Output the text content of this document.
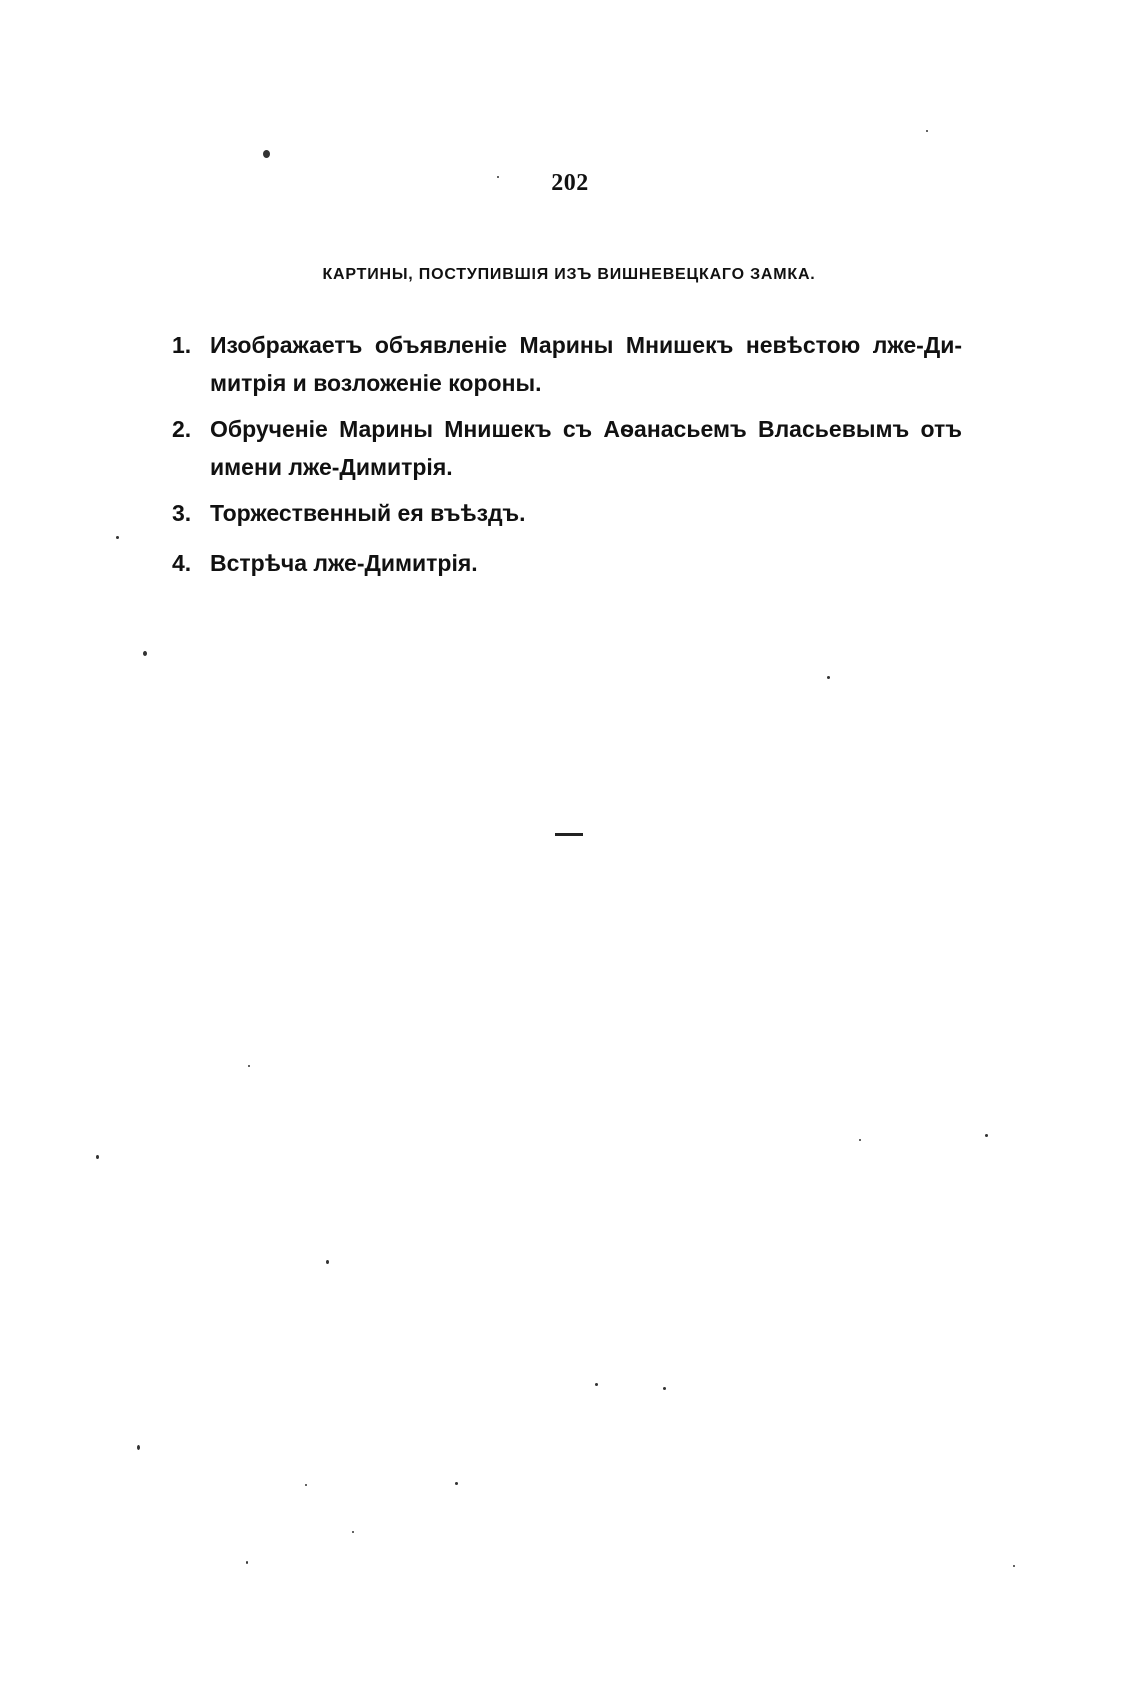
202
КАРТИНЫ, ПОСТУПИВШІЯ ИЗЪ ВИШНЕВЕЦКАГО ЗАМКА.
1. Изображаетъ объявленіе Марины Мнишекъ невѣстою лже-Ди-
митрія и возложеніе короны.
2. Обрученіе Марины Мнишекъ съ Аѳанасьемъ Власьевымъ отъ
имени лже-Димитрія.
3. Торжественный ея въѣздъ.
4. Встрѣча лже-Димитрія.
